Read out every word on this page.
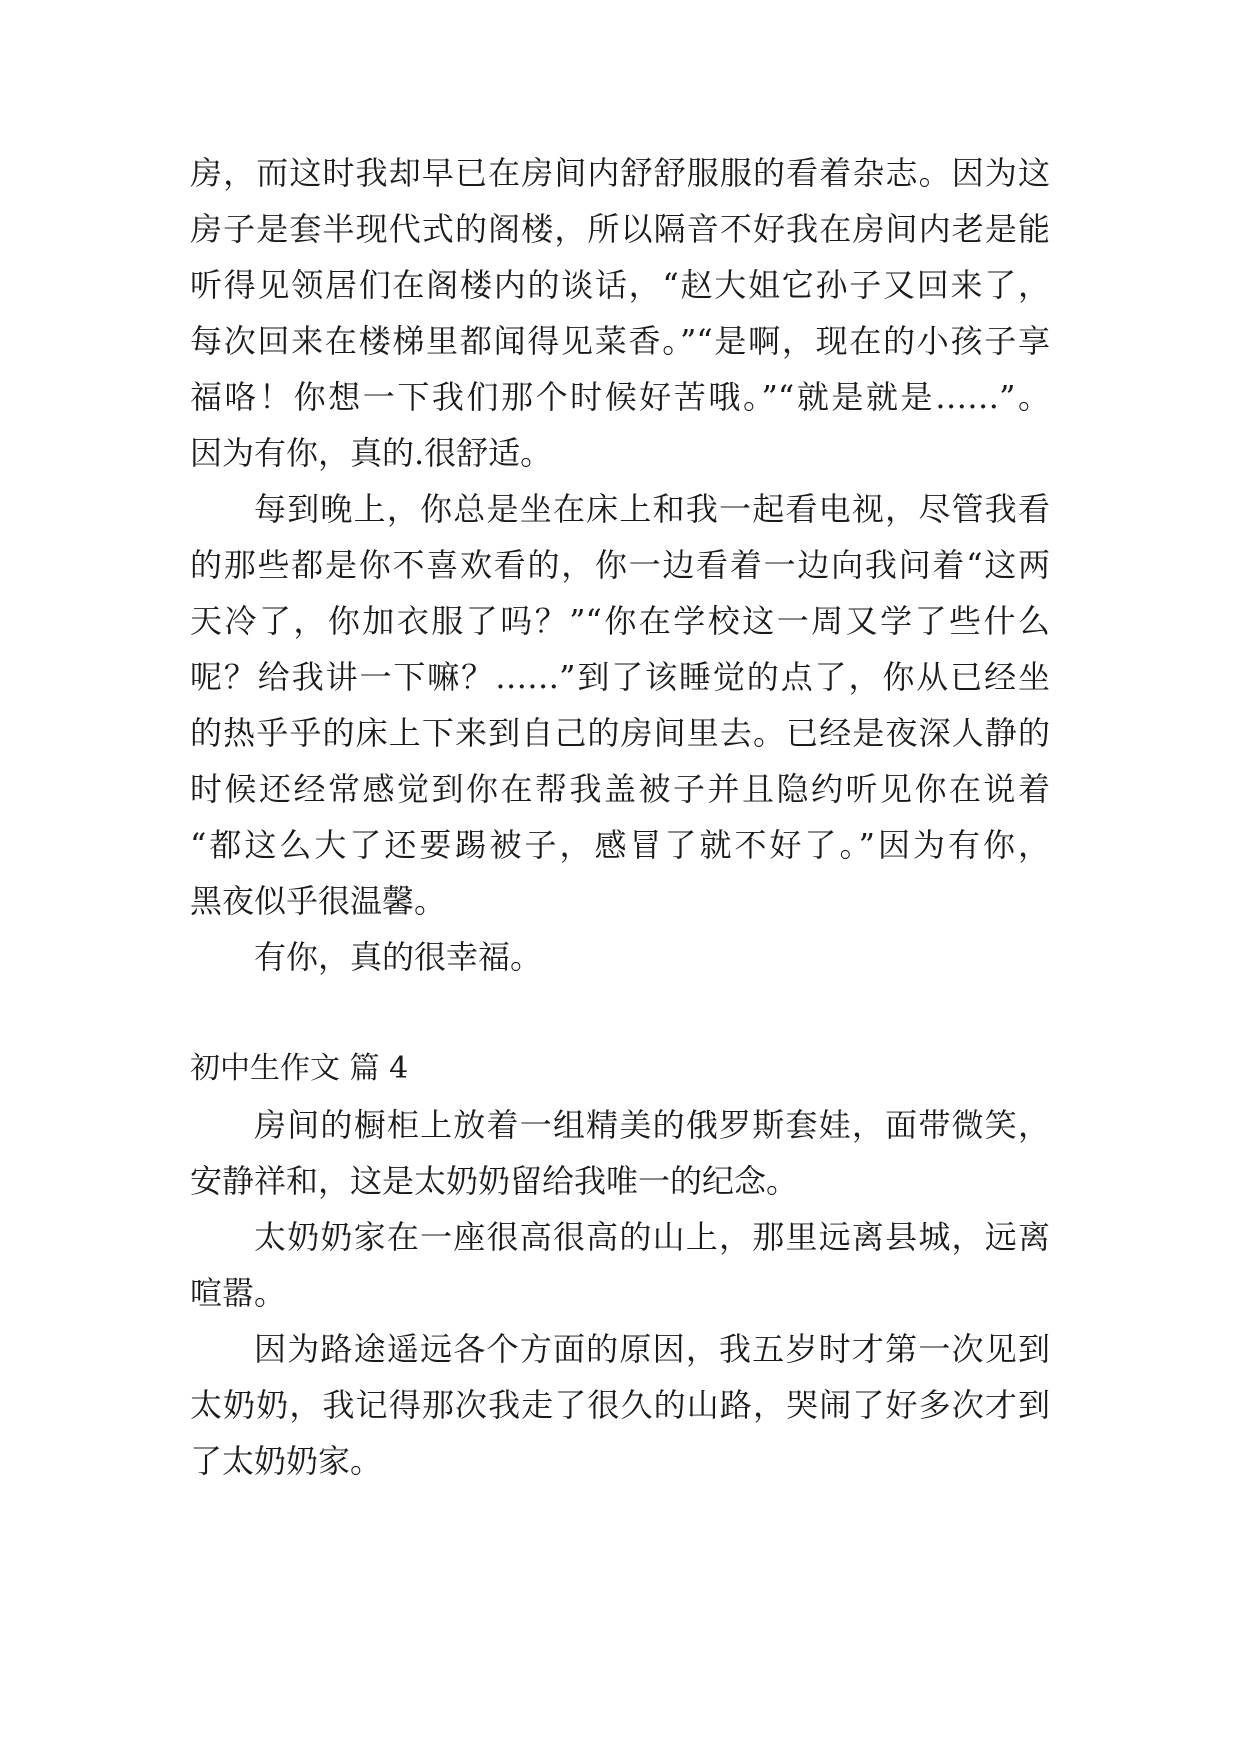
房，而这时我却早已在房间内舒舒服服的看着杂志。因为这
房子是套半现代式的阁楼，所以隔音不好我在房间内老是能
听得见领居们在阁楼内的谈话，“赵大姐它孙子又回来了，
每次回来在楼梯里都闻得见菜香。”“是啊，现在的小孩子享
福咯！你想一下我们那个时候好苦哦。”“就是就是……”。
因为有你，真的.很舒适。
每到晚上，你总是坐在床上和我一起看电视，尽管我看
的那些都是你不喜欢看的，你一边看着一边向我问着“这两
天冷了，你加衣服了吗？”“你在学校这一周又学了些什么
呢？给我讲一下嘛？……”到了该睡觉的点了，你从已经坐
的热乎乎的床上下来到自己的房间里去。已经是夜深人静的
时候还经常感觉到你在帮我盖被子并且隐约听见你在说着
“都这么大了还要踢被子，感冒了就不好了。”因为有你，
黑夜似乎很温馨。
有你，真的很幸福。
初中生作文 篇 4
房间的橱柜上放着一组精美的俄罗斯套娃，面带微笑，
安静祥和，这是太奶奶留给我唯一的纪念。
太奶奶家在一座很高很高的山上，那里远离县城，远离
喧嚣。
因为路途遥远各个方面的原因，我五岁时才第一次见到
太奶奶，我记得那次我走了很久的山路，哭闹了好多次才到
了太奶奶家。
